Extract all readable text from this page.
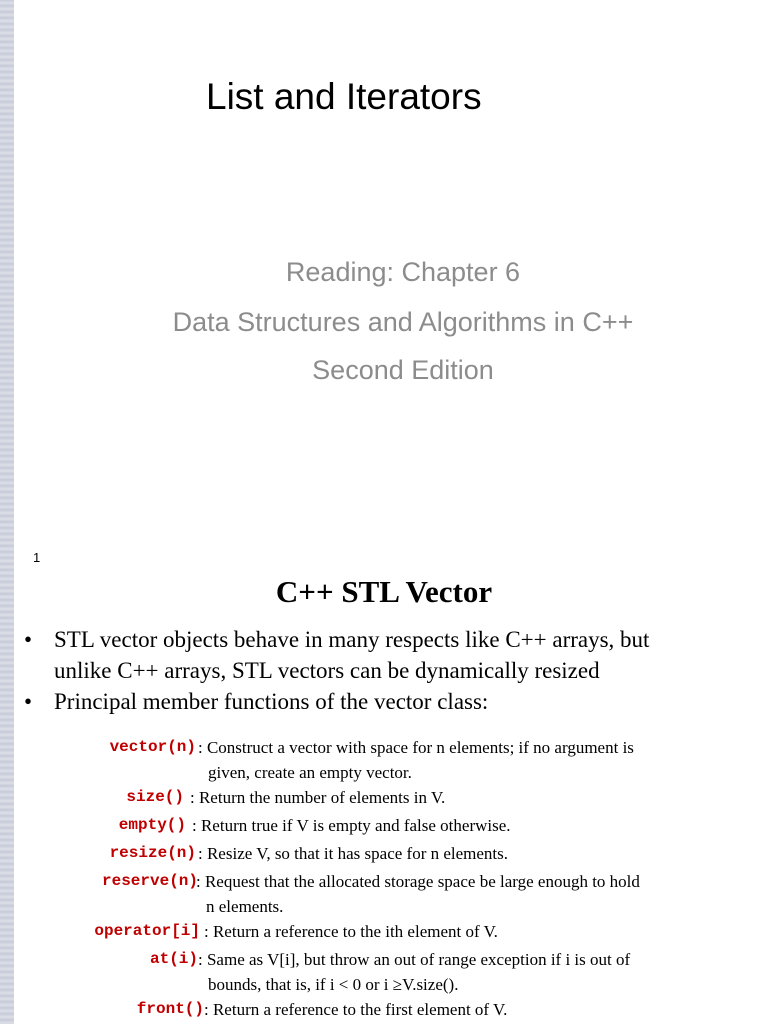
List and Iterators
Reading: Chapter 6
Data Structures and Algorithms in C++
Second Edition
1
C++ STL Vector
• STL vector objects behave in many respects like C++ arrays, but
unlike C++ arrays, STL vectors can be dynamically resized
• Principal member functions of the vector class:
vector(n) : Construct a vector with space for n elements; if no argument is
given, create an empty vector.
size() : Return the number of elements in V.
empty() : Return true if V is empty and false otherwise.
resize(n) : Resize V, so that it has space for n elements.
reserve(n)
: Request that the allocated storage space be large enough to hold
n elements.
operator[i] : Return a reference to the ith element of V.
at(i) : Same as V[i], but throw an out of range exception if i is out of
bounds, that is, if i < 0 or i ≥V.size().
front() : Return a reference to the first element of V.
